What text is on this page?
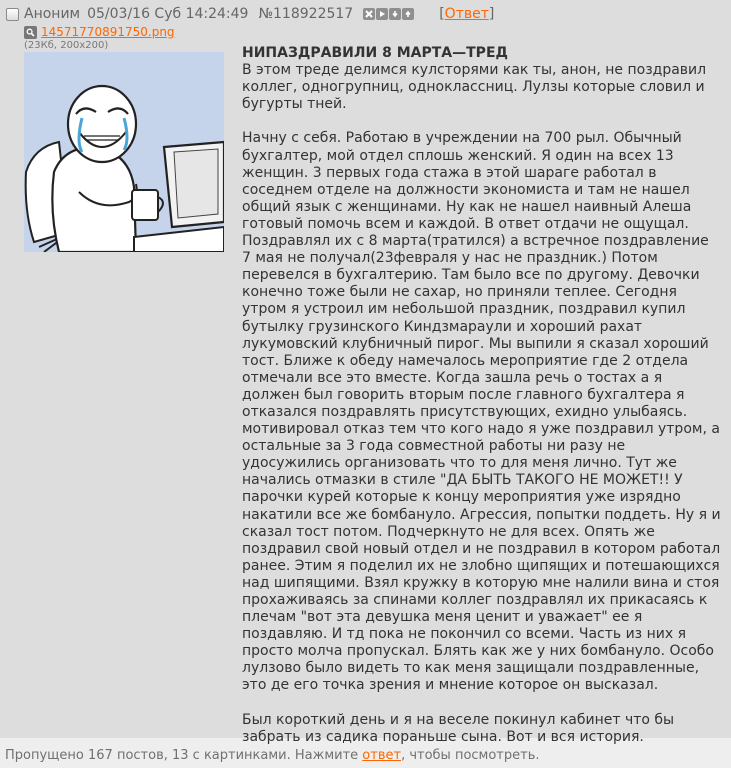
Аноним 05/03/16 Суб 14:24:49 №118922517	[Ответ]
14571770891750.png
(23Кб, 200x200)	НИПАЗДРАВИЛИ 8 МАРТА—ТРЕД

В этом треде делимся кулсторями как ты, анон, не поздравил коллег, одногрупниц, одноклассниц. Лулзы которые словил и бугурты тней.

Начну с себя. Работаю в учреждении на 700 рыл. Обычный бухгалтер, мой отдел сплошь женский. Я один на всех 13 женщин. 3 первых года стажа в этой шараге работал в соседнем отделе на должности экономиста и там не нашел общий язык с женщинами. Ну как не нашел наивный Алеша готовый помочь всем и каждой. В ответ отдачи не ощущал. Поздравлял их с 8 марта(тратился) а встречное поздравление 7 мая не получал(23февраля у нас не праздник.) Потом перевелся в бухгалтерию. Там было все по другому. Девочки конечно тоже были не сахар, но приняли теплее. Сегодня утром я устроил им небольшой праздник, поздравил купил бутылку грузинского Киндзмараули и хороший рахат лукумовский клубничный пирог. Мы выпили я сказал хороший тост. Ближе к обеду намечалось мероприятие где 2 отдела отмечали все это вместе. Когда зашла речь о тостах а я должен был говорить вторым после главного бухгалтера я отказался поздравлять присутствующих, ехидно улыбаясь. мотивировал отказ тем что кого надо я уже поздравил утром, а остальные за 3 года совместной работы ни разу не удосужились организовать что то для меня лично. Тут же начались отмазки в стиле "ДА БЫТЬ ТАКОГО НЕ МОЖЕТ!! У парочки курей которые к концу мероприятия уже изрядно накатили все же бомбануло. Агрессия, попытки поддеть. Ну я и сказал тост потом. Подчеркнуто не для всех. Опять же поздравил свой новый отдел и не поздравил в котором работал ранее. Этим я поделил их не злобно щипящих и потешающихся над шипящими. Взял кружку в которую мне налили вина и стоя прохаживаясь за спинами коллег поздравлял их прикасаясь к плечам "вот эта девушка меня ценит и уважает" ее я поздавляю. И тд пока не покончил со всеми. Часть из них я просто молча пропускал. Блять как же у них бомбануло. Особо лулзово было видеть то как меня защищали поздравленные, это де его точка зрения и мнение которое он высказал.

Был короткий день и я на веселе покинул кабинет что бы забрать из садика пораньше сына. Вот и вся история.

Пропущено 167 постов, 13 с картинками. Нажмите ответ, чтобы посмотреть.
